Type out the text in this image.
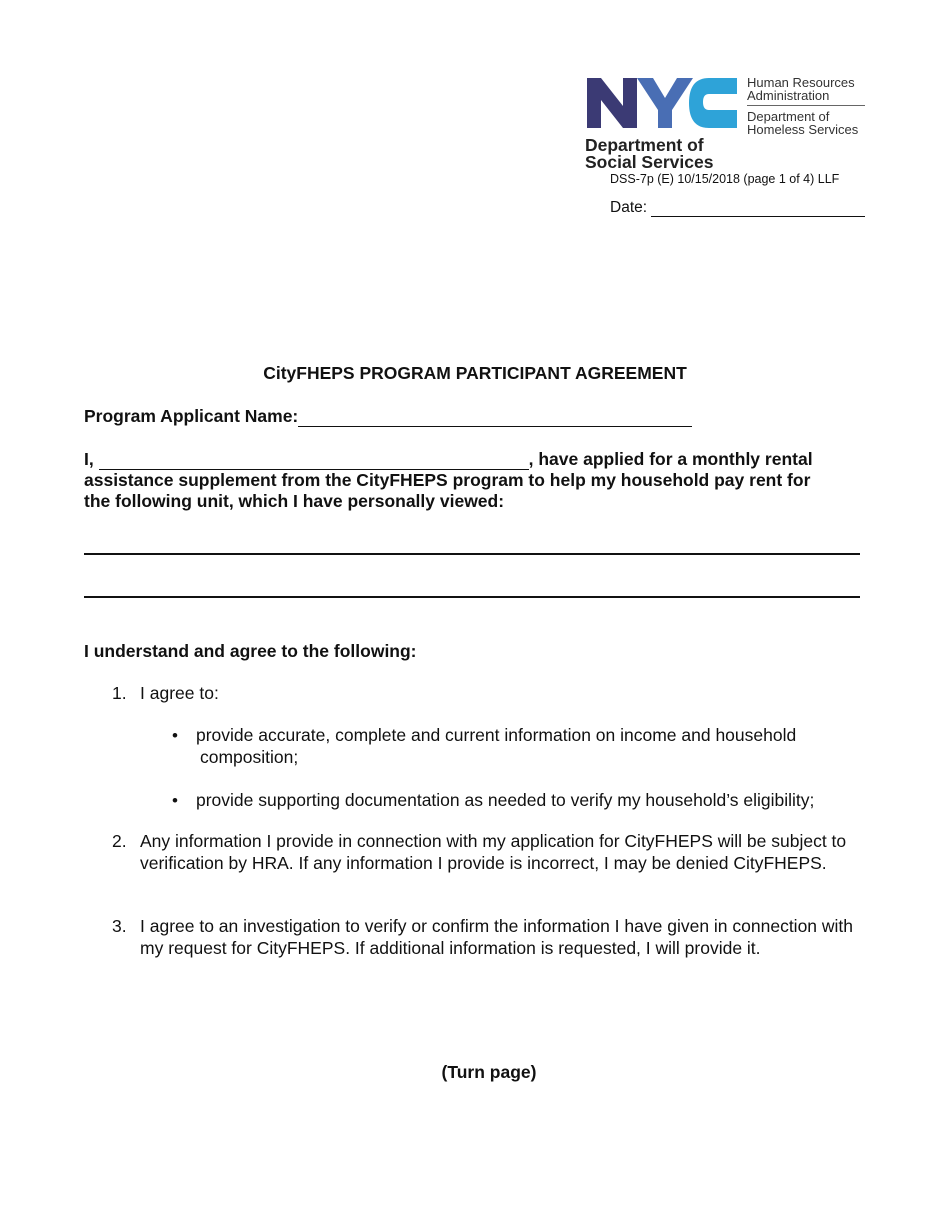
Human Resources Administration
Department of Homeless Services
Department of Social Services
DSS-7p (E) 10/15/2018 (page 1 of 4) LLF
Date:
CityFHEPS PROGRAM PARTICIPANT AGREEMENT
Program Applicant Name:
I,	, have applied for a monthly rental
assistance supplement from the CityFHEPS program to help my household pay rent for
the following unit, which I have personally viewed:
I understand and agree to the following:
1. I agree to:
• provide accurate, complete and current information on income and household
composition;
• provide supporting documentation as needed to verify my household’s eligibility;
2. Any information I provide in connection with my application for CityFHEPS will be subject to verification by HRA. If any information I provide is incorrect, I may be denied CityFHEPS.
3. I agree to an investigation to verify or confirm the information I have given in connection with my request for CityFHEPS. If additional information is requested, I will provide it.
(Turn page)
